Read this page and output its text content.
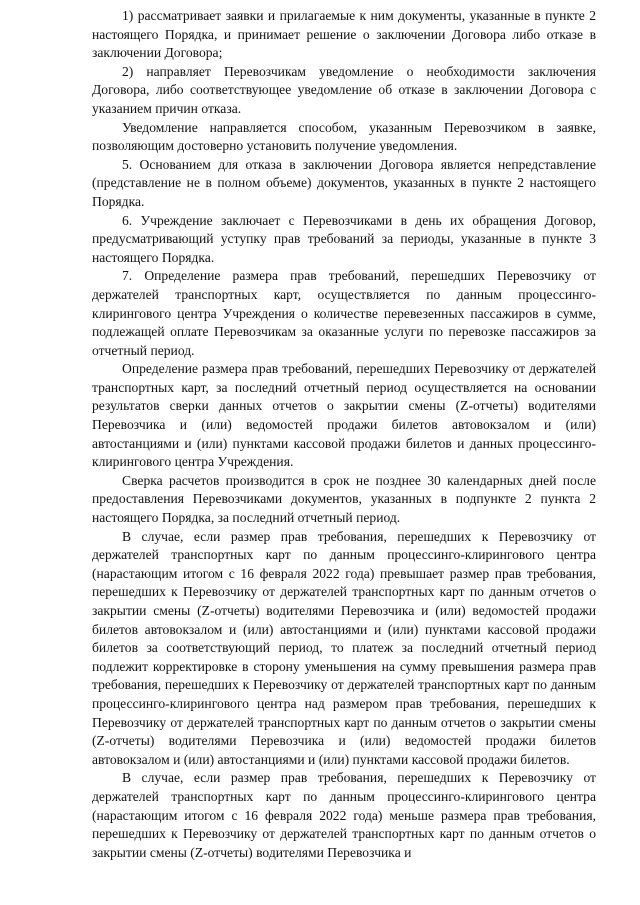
1) рассматривает заявки и прилагаемые к ним документы, указанные в пункте 2 настоящего Порядка, и принимает решение о заключении Договора либо отказе в заключении Договора;

2) направляет Перевозчикам уведомление о необходимости заключения Договора, либо соответствующее уведомление об отказе в заключении Договора с указанием причин отказа.

Уведомление направляется способом, указанным Перевозчиком в заявке, позволяющим достоверно установить получение уведомления.

5. Основанием для отказа в заключении Договора является непредставление (представление не в полном объеме) документов, указанных в пункте 2 настоящего Порядка.

6. Учреждение заключает с Перевозчиками в день их обращения Договор, предусматривающий уступку прав требований за периоды, указанные в пункте 3 настоящего Порядка.

7. Определение размера прав требований, перешедших Перевозчику от держателей транспортных карт, осуществляется по данным процессинго-клирингового центра Учреждения о количестве перевезенных пассажиров в сумме, подлежащей оплате Перевозчикам за оказанные услуги по перевозке пассажиров за отчетный период.

Определение размера прав требований, перешедших Перевозчику от держателей транспортных карт, за последний отчетный период осуществляется на основании результатов сверки данных отчетов о закрытии смены (Z-отчеты) водителями Перевозчика и (или) ведомостей продажи билетов автовокзалом и (или) автостанциями и (или) пунктами кассовой продажи билетов и данных процессинго-клирингового центра Учреждения.

Сверка расчетов производится в срок не позднее 30 календарных дней после предоставления Перевозчиками документов, указанных в подпункте 2 пункта 2 настоящего Порядка, за последний отчетный период.

В случае, если размер прав требования, перешедших к Перевозчику от держателей транспортных карт по данным процессинго-клирингового центра (нарастающим итогом с 16 февраля 2022 года) превышает размер прав требования, перешедших к Перевозчику от держателей транспортных карт по данным отчетов о закрытии смены (Z-отчеты) водителями Перевозчика и (или) ведомостей продажи билетов автовокзалом и (или) автостанциями и (или) пунктами кассовой продажи билетов за соответствующий период, то платеж за последний отчетный период подлежит корректировке в сторону уменьшения на сумму превышения размера прав требования, перешедших к Перевозчику от держателей транспортных карт по данным процессинго-клирингового центра над размером прав требования, перешедших к Перевозчику от держателей транспортных карт по данным отчетов о закрытии смены (Z-отчеты) водителями Перевозчика и (или) ведомостей продажи билетов автовокзалом и (или) автостанциями и (или) пунктами кассовой продажи билетов.

В случае, если размер прав требования, перешедших к Перевозчику от держателей транспортных карт по данным процессинго-клирингового центра (нарастающим итогом с 16 февраля 2022 года) меньше размера прав требования, перешедших к Перевозчику от держателей транспортных карт по данным отчетов о закрытии смены (Z-отчеты) водителями Перевозчика и
